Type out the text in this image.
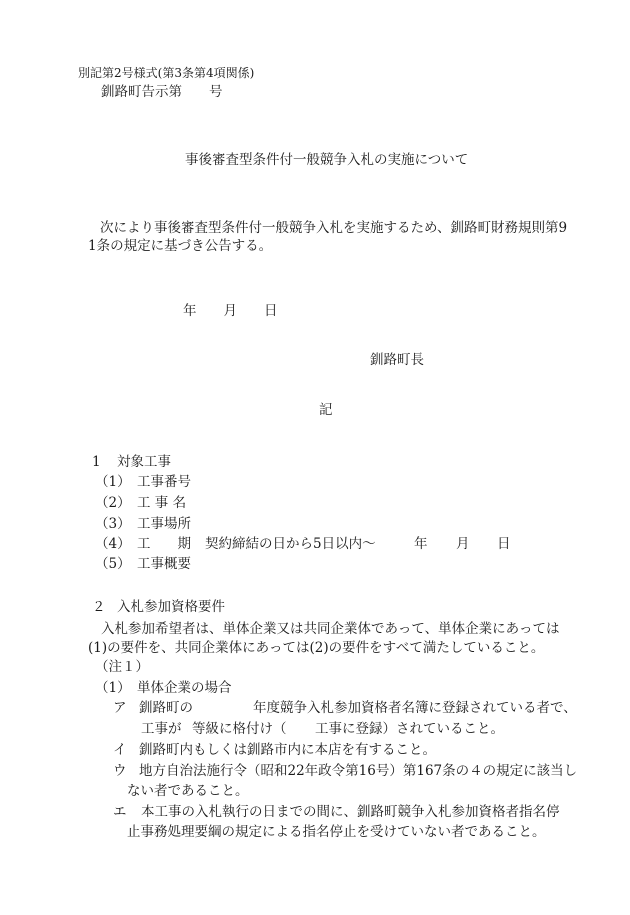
別記第2号様式(第3条第4項関係)
釧路町告示第　　号
事後審査型条件付一般競争入札の実施について
次により事後審査型条件付一般競争入札を実施するため、釧路町財務規則第9
1条の規定に基づき公告する。
年　　月　　日
釧路町長
記
1 対象工事
（1） 工事番号
（2） 工 事 名
（3） 工事場所
（4） 工　　期 契約締結の日から5日以内～	年 月 日
（5） 工事概要
２ 入札参加資格要件
入札参加希望者は、単体企業又は共同企業体であって、単体企業にあっては
(1)の要件を、共同企業体にあっては(2)の要件をすべて満たしていること。
（注１）
（1） 単体企業の場合
ア 釧路町の	年度競争入札参加資格者名簿に登録されている者で、
工事が 等級に格付け（ 工事に登録）されていること。
イ 釧路町内もしくは釧路市内に本店を有すること。
ウ 地方自治法施行令（昭和22年政令第16号）第167条の４の規定に該当し
ない者であること。
エ 本工事の入札執行の日までの間に、釧路町競争入札参加資格者指名停
止事務処理要綱の規定による指名停止を受けていない者であること。
